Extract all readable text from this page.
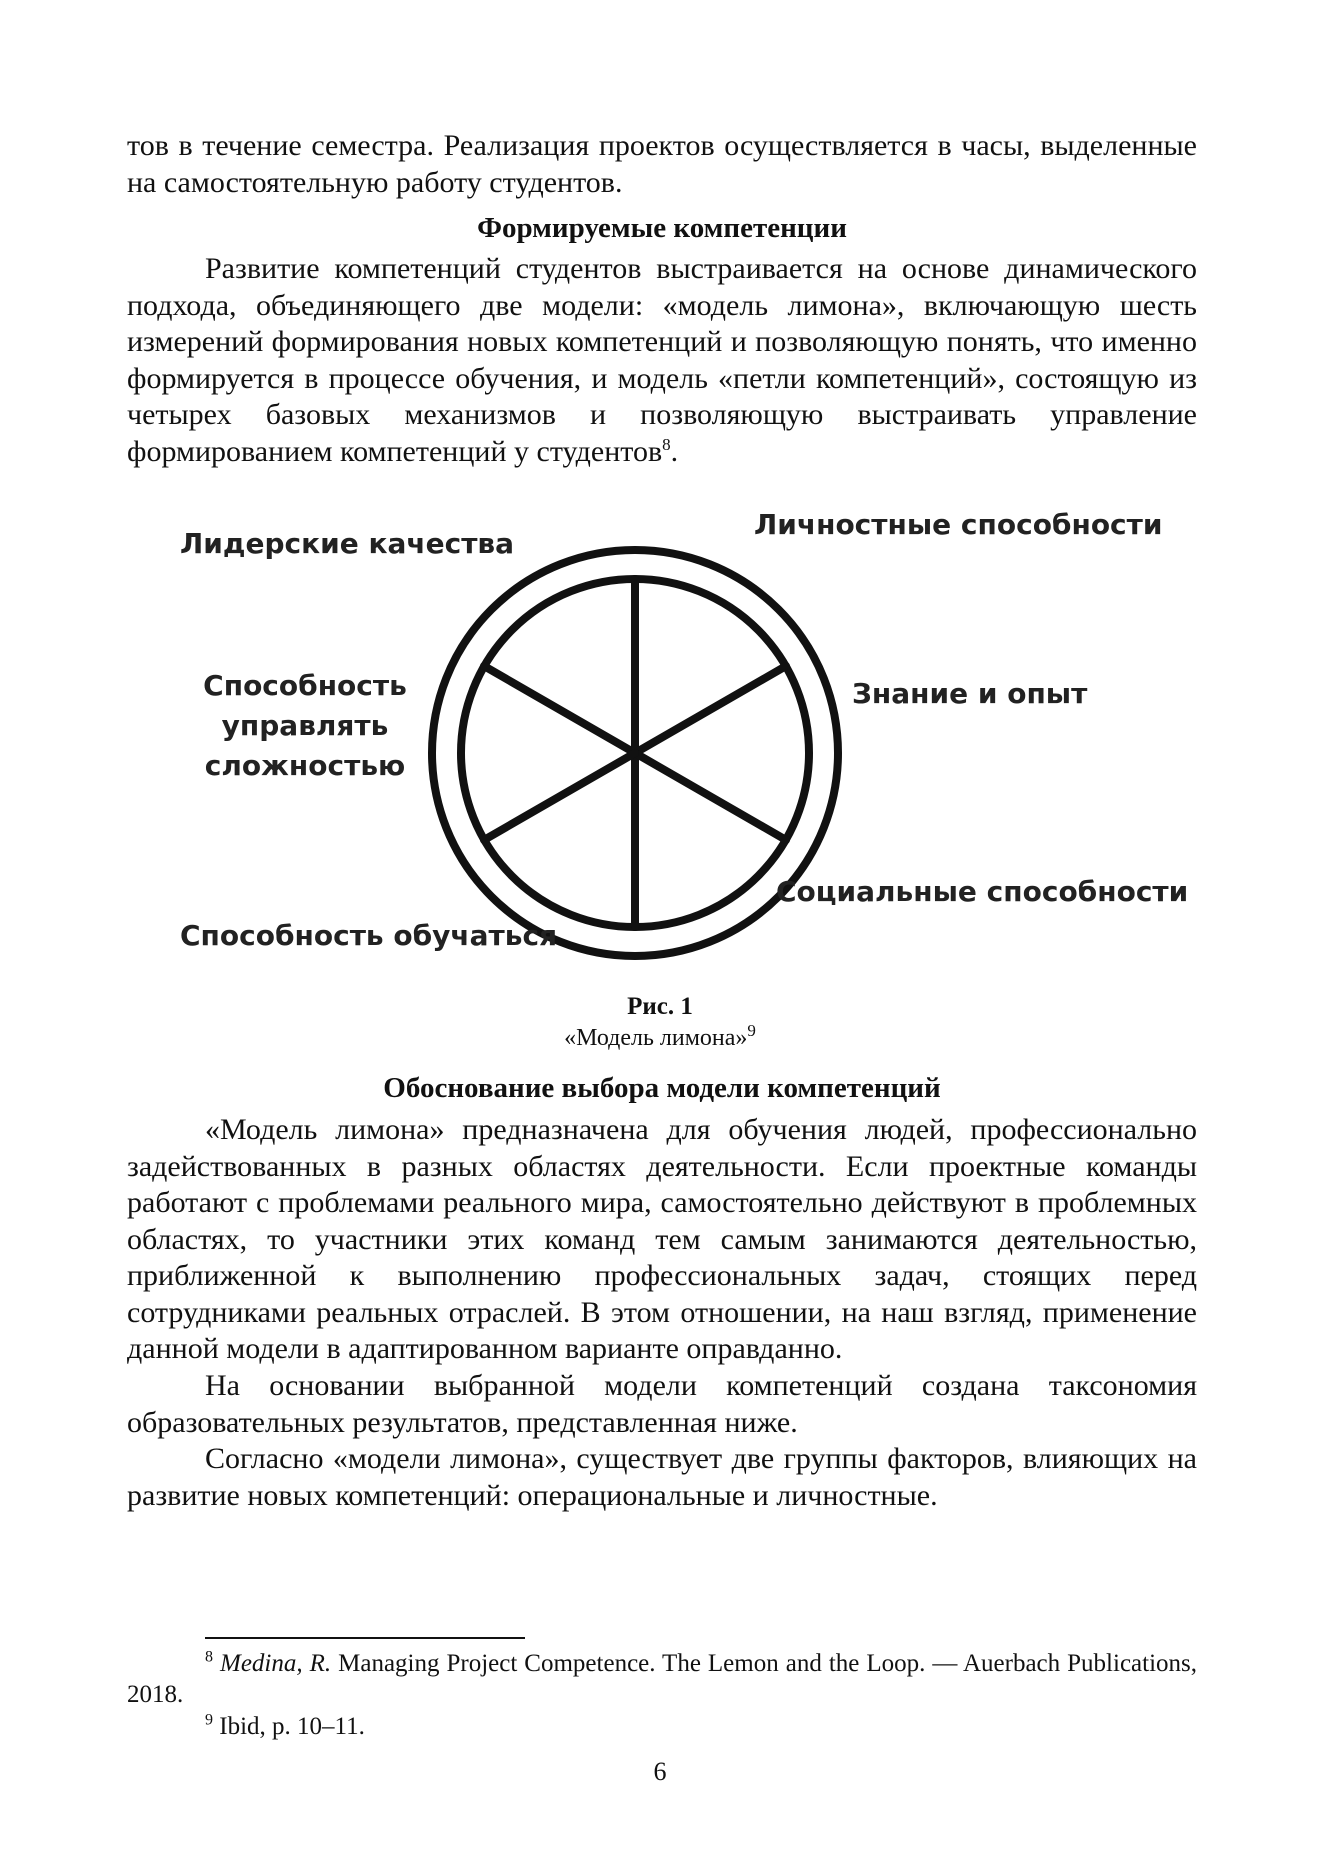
тов в течение семестра. Реализация проектов осуществляется в часы, выделенные на самостоятельную работу студентов.

Формируемые компетенции

Развитие компетенций студентов выстраивается на основе динамического подхода, объединяющего две модели: «модель лимона», включающую шесть измерений формирования новых компетенций и позволяющую понять, что именно формируется в процессе обучения, и модель «петли компетенций», состоящую из четырех базовых механизмов и позволяющую выстраивать управление формированием компетенций у студентов$^8$.

Личностные способности
Лидерские качества
Знание и опыт
Способность
управлять
сложностью
Социальные способности
Способность обучаться
Рис. 1
«Модель лимона»$^9$

Обоснование выбора модели компетенций

«Модель лимона» предназначена для обучения людей, профессионально задействованных в разных областях деятельности. Если проектные команды работают с проблемами реального мира, самостоятельно действуют в проблемных областях, то участники этих команд тем самым занимаются деятельностью, приближенной к выполнению профессиональных задач, стоящих перед сотрудниками реальных отраслей. В этом отношении, на наш взгляд, применение данной модели в адаптированном варианте оправданно.

На основании выбранной модели компетенций создана таксономия образовательных результатов, представленная ниже.

Согласно «модели лимона», существует две группы факторов, влияющих на развитие новых компетенций: операциональные и личностные.

$^8$ Medina, R. Managing Project Competence. The Lemon and the Loop. — Auerbach Publications, 2018.

$^9$ Ibid, p. 10–11.

6
